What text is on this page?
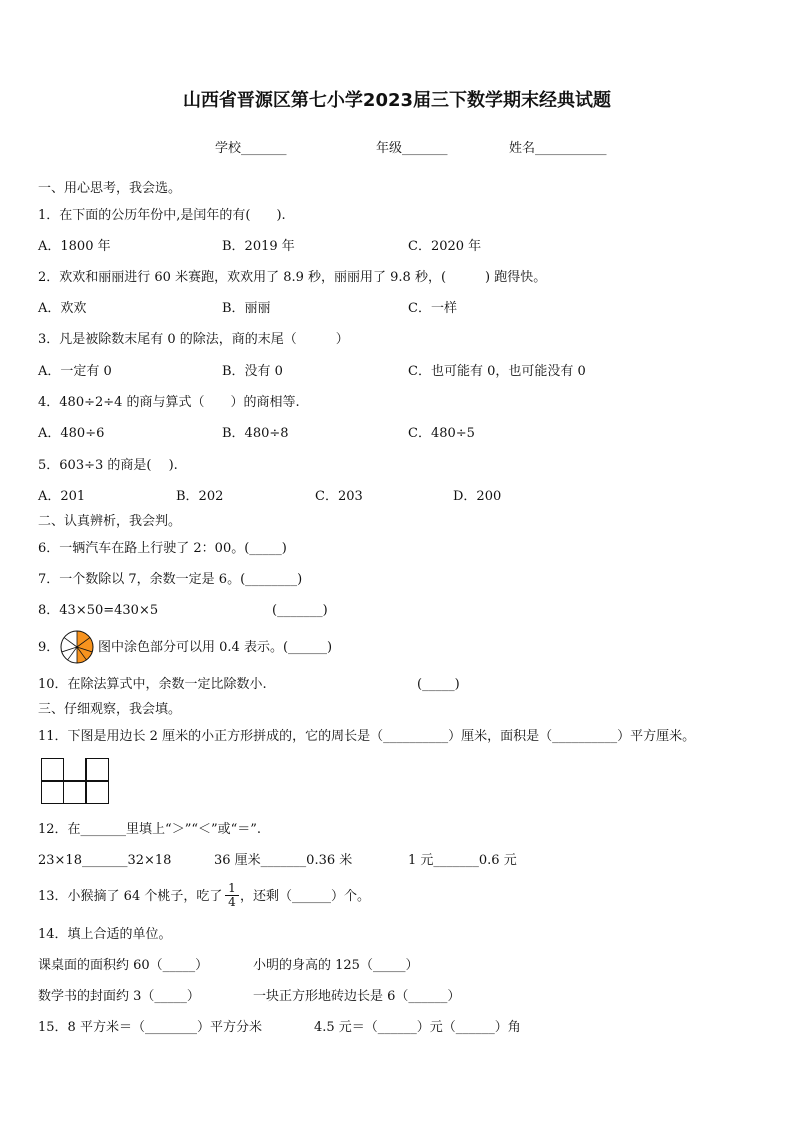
山西省晋源区第七小学2023届三下数学期末经典试题
学校_______	年级_______	姓名___________
一、用心思考，我会选。
1．在下面的公历年份中,是闰年的有(　　).
A．1800 年	B．2019 年	C．2020 年
2．欢欢和丽丽进行 60 米赛跑，欢欢用了 8.9 秒，丽丽用了 9.8 秒，(　　　) 跑得快。
A．欢欢	B．丽丽	C．一样
3．凡是被除数末尾有 0 的除法，商的末尾（　　　）
A．一定有 0	B．没有 0	C．也可能有 0，也可能没有 0
4．480÷2÷4 的商与算式（　　）的商相等.
A．480÷6	B．480÷8	C．480÷5
5．603÷3 的商是(　 ).
A．201	B．202	C．203	D．200
二、认真辨析，我会判。
6．一辆汽车在路上行驶了 2：00。(_____)
7．一个数除以 7，余数一定是 6。(________)
8．43×50=430×5	(_______)
9．	图中涂色部分可以用 0.4 表示。(______)
10．在除法算式中，余数一定比除数小.	(_____)
三、仔细观察，我会填。
11．下图是用边长 2 厘米的小正方形拼成的，它的周长是（__________）厘米，面积是（__________）平方厘米。
12．在_______里填上“＞”“＜”或“＝”.
23×18_______32×18	36 厘米_______0.36 米	1 元_______0.6 元
13．小猴摘了 64 个桃子，吃了 $\frac{1}{4}$ ，还剩（______）个。
14．填上合适的单位。
课桌面的面积约 60（_____）	小明的身高的 125（_____）
数学书的封面约 3（_____）	一块正方形地砖边长是 6（______）
15．8 平方米＝（________）平方分米	4.5 元＝（______）元（______）角
